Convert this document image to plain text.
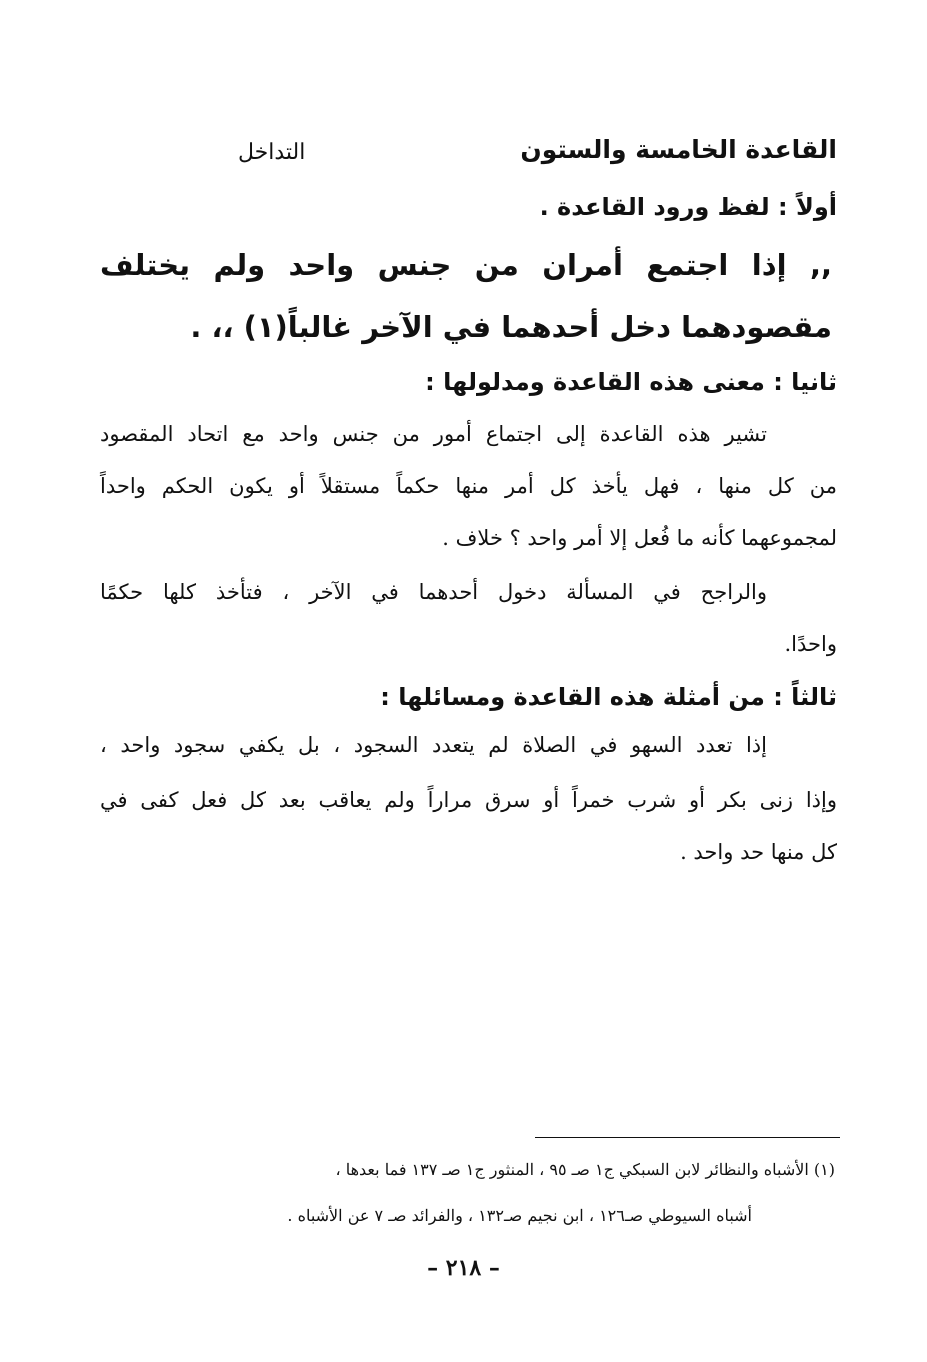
القاعدة الخامسة والستون
التداخل
أولاً : لفظ ورود القاعدة .
,, إذا اجتمع أمران من جنس واحد ولم يختلف
مقصودهما دخل أحدهما في الآخر غالباً(١) ،، .
ثانيا : معنى هذه القاعدة ومدلولها :
تشير هذه القاعدة إلى اجتماع أمور من جنس واحد مع اتحاد المقصود
من كل منها ، فهل يأخذ كل أمر منها حكماً مستقلاً أو يكون الحكم واحداً
لمجموعهما كأنه ما فُعل إلا أمر واحد ؟ خلاف .
والراجح في المسألة دخول أحدهما في الآخر ، فتأخذ كلها حكمًا
واحدًا.
ثالثاً : من أمثلة هذه القاعدة ومسائلها :
إذا تعدد السهو في الصلاة لم يتعدد السجود ، بل يكفي سجود واحد ،
وإذا زنى بكر أو شرب خمراً أو سرق مراراً ولم يعاقب بعد كل فعل كفى في
كل منها حد واحد .
(١) الأشباه والنظائر لابن السبكي ج١ صـ ٩٥ ، المنثور ج١ صـ ١٣٧ فما بعدها ،
أشباه السيوطي صـ١٢٦ ، ابن نجيم صـ١٣٢ ، والفرائد صـ ٧ عن الأشباه .
– ٢١٨ –
